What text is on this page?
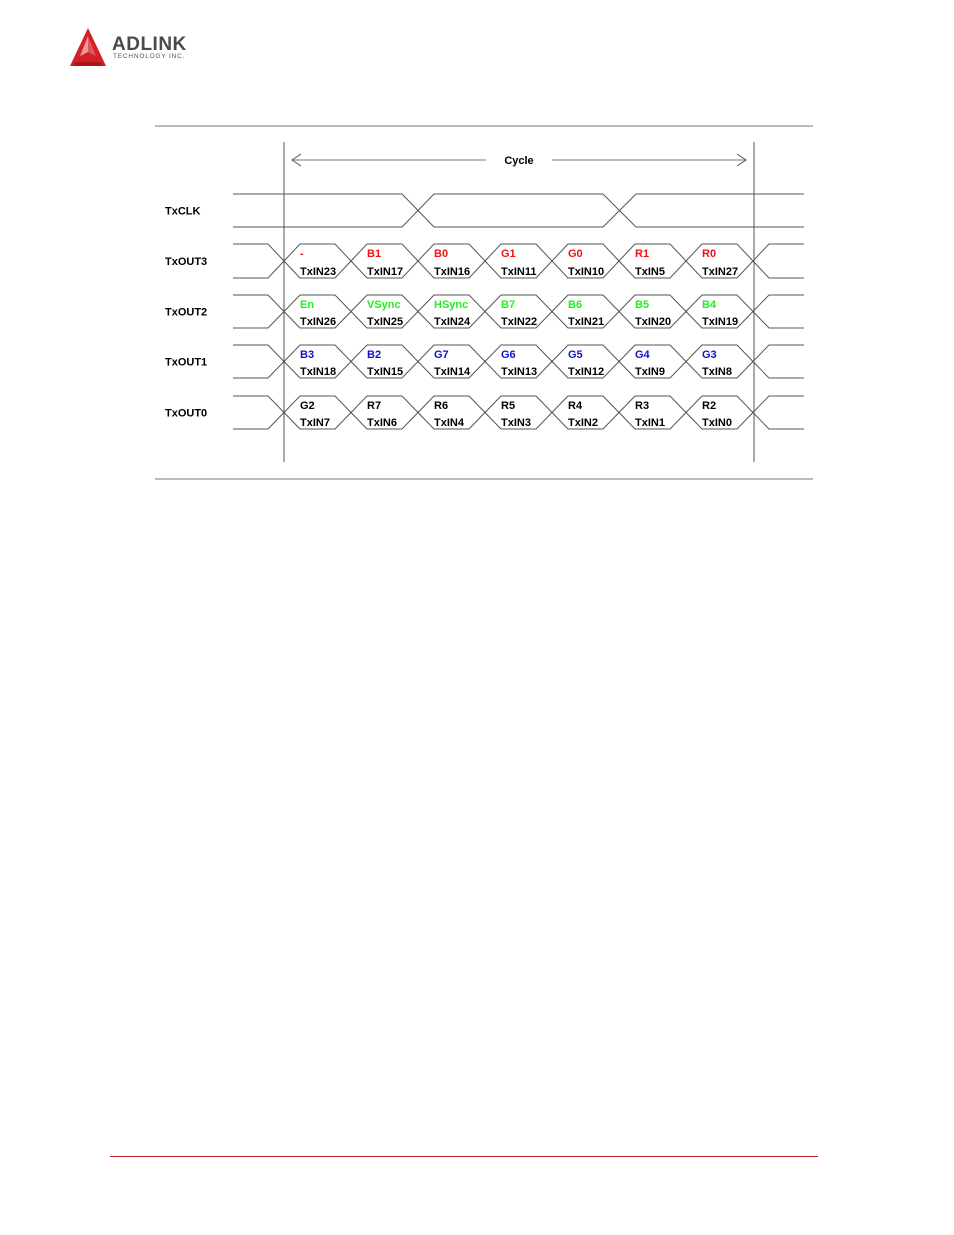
ADLINK
TECHNOLOGY INC.
Cycle
TxCLK
TxOUT3
TxOUT2
TxOUT1
TxOUT0
-
TxIN23
B1
TxIN17
B0
TxIN16
G1
TxIN11
G0
TxIN10
R1
TxIN5
R0
TxIN27
En
TxIN26
VSync
TxIN25
HSync
TxIN24
B7
TxIN22
B6
TxIN21
B5
TxIN20
B4
TxIN19
B3
TxIN18
B2
TxIN15
G7
TxIN14
G6
TxIN13
G5
TxIN12
G4
TxIN9
G3
TxIN8
G2
TxIN7
R7
TxIN6
R6
TxIN4
R5
TxIN3
R4
TxIN2
R3
TxIN1
R2
TxIN0
